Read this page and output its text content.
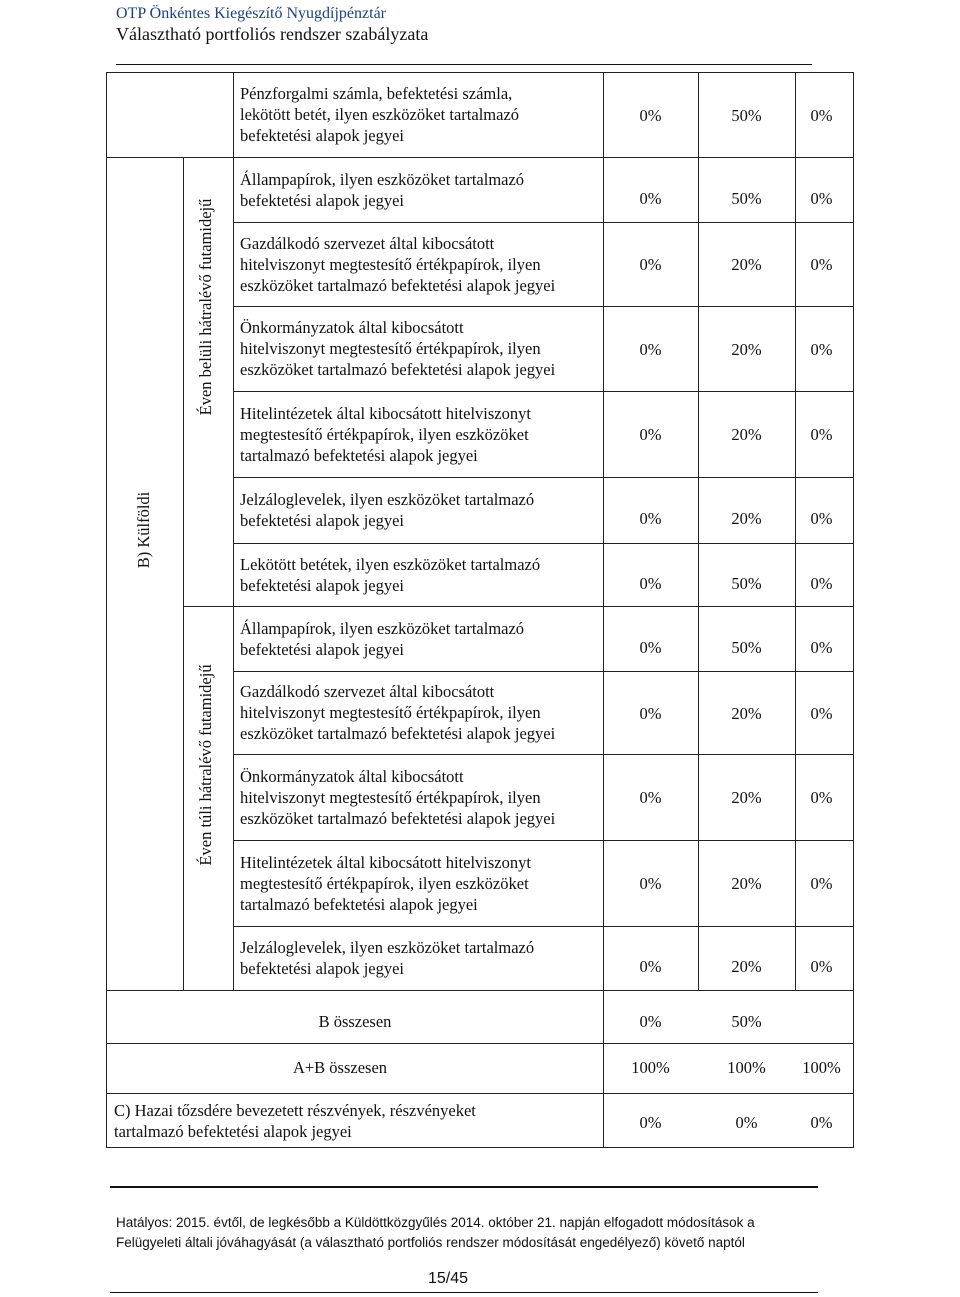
OTP Önkéntes Kiegészítő Nyugdíjpénztár
Választható portfoliós rendszer szabályzata
B) Külföldi
Éven belüli hátralévő futamidejű
Éven túli hátralévő futamidejű
Pénzforgalmi számla, befektetési számla,
lekötött betét, ilyen eszközöket tartalmazó
befektetési alapok jegyei
0%	50%	0%
Állampapírok, ilyen eszközöket tartalmazó
befektetési alapok jegyei	0%	50%	0%
Gazdálkodó szervezet által kibocsátott
hitelviszonyt megtestesítő értékpapírok, ilyen
eszközöket tartalmazó befektetési alapok jegyei
0%	20%	0%
Önkormányzatok által kibocsátott
hitelviszonyt megtestesítő értékpapírok, ilyen
eszközöket tartalmazó befektetési alapok jegyei
0%	20%	0%
Hitelintézetek által kibocsátott hitelviszonyt
megtestesítő értékpapírok, ilyen eszközöket
tartalmazó befektetési alapok jegyei
0%	20%	0%
Jelzáloglevelek, ilyen eszközöket tartalmazó
befektetési alapok jegyei	0%	20%	0%
Lekötött betétek, ilyen eszközöket tartalmazó
befektetési alapok jegyei	0%	50%	0%
Állampapírok, ilyen eszközöket tartalmazó
befektetési alapok jegyei	0%	50%	0%
Gazdálkodó szervezet által kibocsátott
hitelviszonyt megtestesítő értékpapírok, ilyen
eszközöket tartalmazó befektetési alapok jegyei
0%	20%	0%
Önkormányzatok által kibocsátott
hitelviszonyt megtestesítő értékpapírok, ilyen
eszközöket tartalmazó befektetési alapok jegyei
0%	20%	0%
Hitelintézetek által kibocsátott hitelviszonyt
megtestesítő értékpapírok, ilyen eszközöket
tartalmazó befektetési alapok jegyei
0%	20%	0%
Jelzáloglevelek, ilyen eszközöket tartalmazó
befektetési alapok jegyei	0%	20%	0%
B összesen	0%	50%
A+B összesen	100%	100%	100%
C) Hazai tőzsdére bevezetett részvények, részvényeket
tartalmazó befektetési alapok jegyei	0%	0%	0%
Hatályos: 2015. évtől, de legkésőbb a Küldöttközgyűlés 2014. október 21. napján elfogadott módosítások a
Felügyeleti általi jóváhagyását (a választható portfoliós rendszer módosítását engedélyező) követő naptól
15/45
